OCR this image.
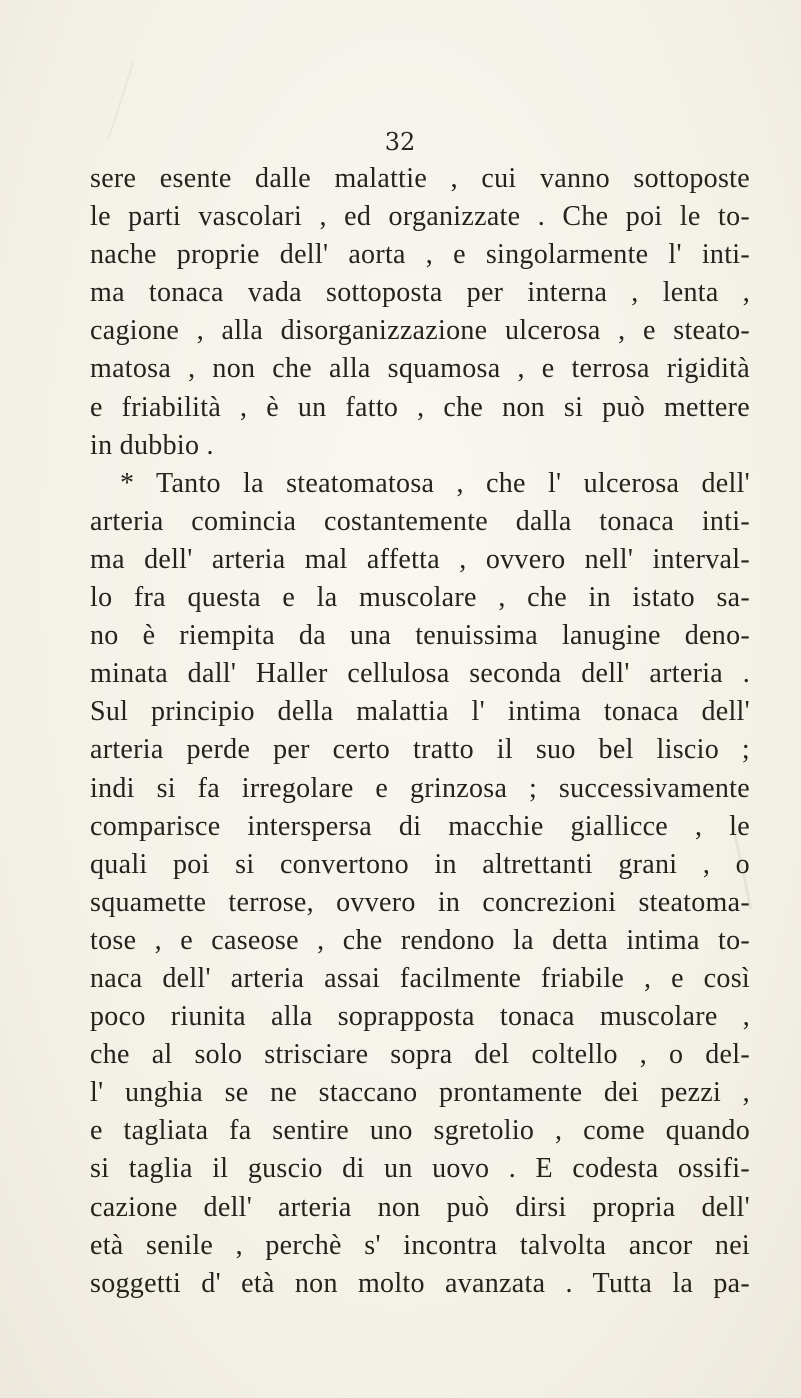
32
sere esente dalle malattie , cui vanno sottoposte
le parti vascolari , ed organizzate . Che poi le to-
nache proprie dell' aorta , e singolarmente l' inti-
ma tonaca vada sottoposta per interna , lenta ,
cagione , alla disorganizzazione ulcerosa , e steato-
matosa , non che alla squamosa , e terrosa rigidità
e friabilità , è un fatto , che non si può mettere
in dubbio .
* Tanto la steatomatosa , che l' ulcerosa dell'
arteria comincia costantemente dalla tonaca inti-
ma dell' arteria mal affetta , ovvero nell' interval-
lo fra questa e la muscolare , che in istato sa-
no è riempita da una tenuissima lanugine deno-
minata dall' Haller cellulosa seconda dell' arteria .
Sul principio della malattia l' intima tonaca dell'
arteria perde per certo tratto il suo bel liscio ;
indi si fa irregolare e grinzosa ; successivamente
comparisce interspersa di macchie giallicce , le
quali poi si convertono in altrettanti grani , o
squamette terrose, ovvero in concrezioni steatoma-
tose , e caseose , che rendono la detta intima to-
naca dell' arteria assai facilmente friabile , e così
poco riunita alla soprapposta tonaca muscolare ,
che al solo strisciare sopra del coltello , o del-
l' unghia se ne staccano prontamente dei pezzi ,
e tagliata fa sentire uno sgretolio , come quando
si taglia il guscio di un uovo . E codesta ossifi-
cazione dell' arteria non può dirsi propria dell'
età senile , perchè s' incontra talvolta ancor nei
soggetti d' età non molto avanzata . Tutta la pa-
